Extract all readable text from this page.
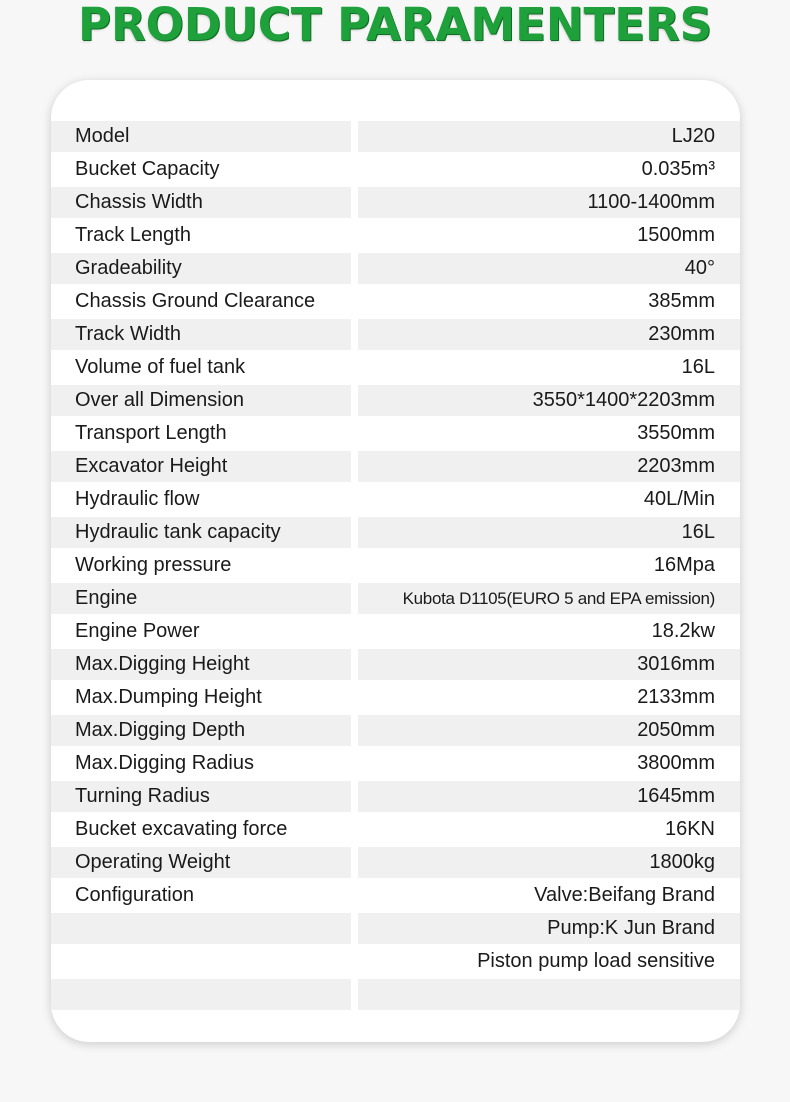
PRODUCT PARAMENTERS
Model	LJ20
Bucket Capacity	0.035m³
Chassis Width	1100-1400mm
Track Length	1500mm
Gradeability	40°
Chassis Ground Clearance	385mm
Track Width	230mm
Volume of fuel tank	16L
Over all Dimension	3550*1400*2203mm
Transport Length	3550mm
Excavator Height	2203mm
Hydraulic flow	40L/Min
Hydraulic tank capacity	16L
Working pressure	16Mpa
Engine	Kubota D1105(EURO 5 and EPA emission)
Engine Power	18.2kw
Max.Digging Height	3016mm
Max.Dumping Height	2133mm
Max.Digging Depth	2050mm
Max.Digging Radius	3800mm
Turning Radius	1645mm
Bucket excavating force	16KN
Operating Weight	1800kg
Configuration	Valve:Beifang Brand
Pump:K Jun Brand
Piston pump load sensitive
